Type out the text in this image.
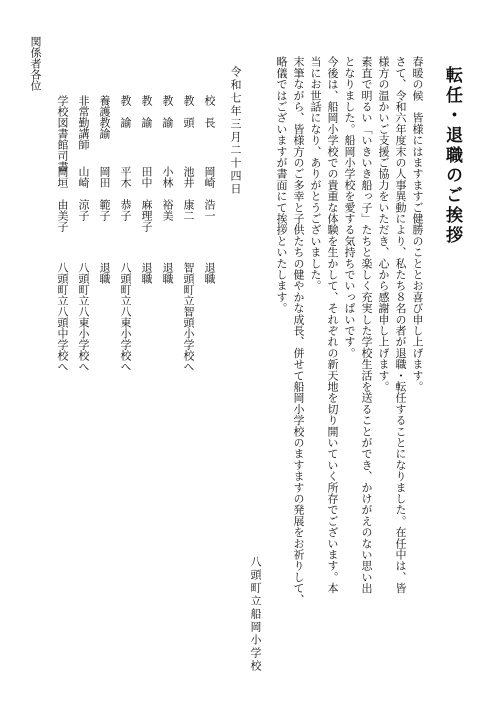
転任・退職のご挨拶
春暖の候　皆様にはますますご健勝のこととお喜び申し上げます。
さて、令和六年度末の人事異動により、私たち８名の者が退職・転任することになりました。在任中は、皆
様方の温かいご支援ご協力をいただき、心から感謝申し上げます。
素直で明るい「いきいき船っ子」たちと楽しく充実した学校生活を送ることができ、かけがえのない思い出
となりました。船岡小学校を愛する気持ちでいっぱいです。
今後は、船岡小学校での貴重な体験を生かして、それぞれの新天地を切り開いていく所存でございます。本
当にお世話になり、ありがとうございました。
末筆ながら、皆様方のご多幸と子供たちの健やかな成長、併せて船岡小学校のますますの発展をお祈りして、
略儀ではございますが書面にて挨拶といたします。
八頭町立船岡小学校
令和七年三月二十四日
校　長
岡崎　浩一
退職
教　頭
池井　康二
智頭町立智頭小学校へ
教　諭
小林　裕美
退職
教　諭
田中　麻理子
退職
教　諭
平木　恭子
八頭町立八東小学校へ
養護教諭
岡田　範子
退職
非常勤講師
山崎　涼子
八頭町立八東小学校へ
学校図書館司書
岡垣　由美子
八頭町立八頭中学校へ
関係者各位
